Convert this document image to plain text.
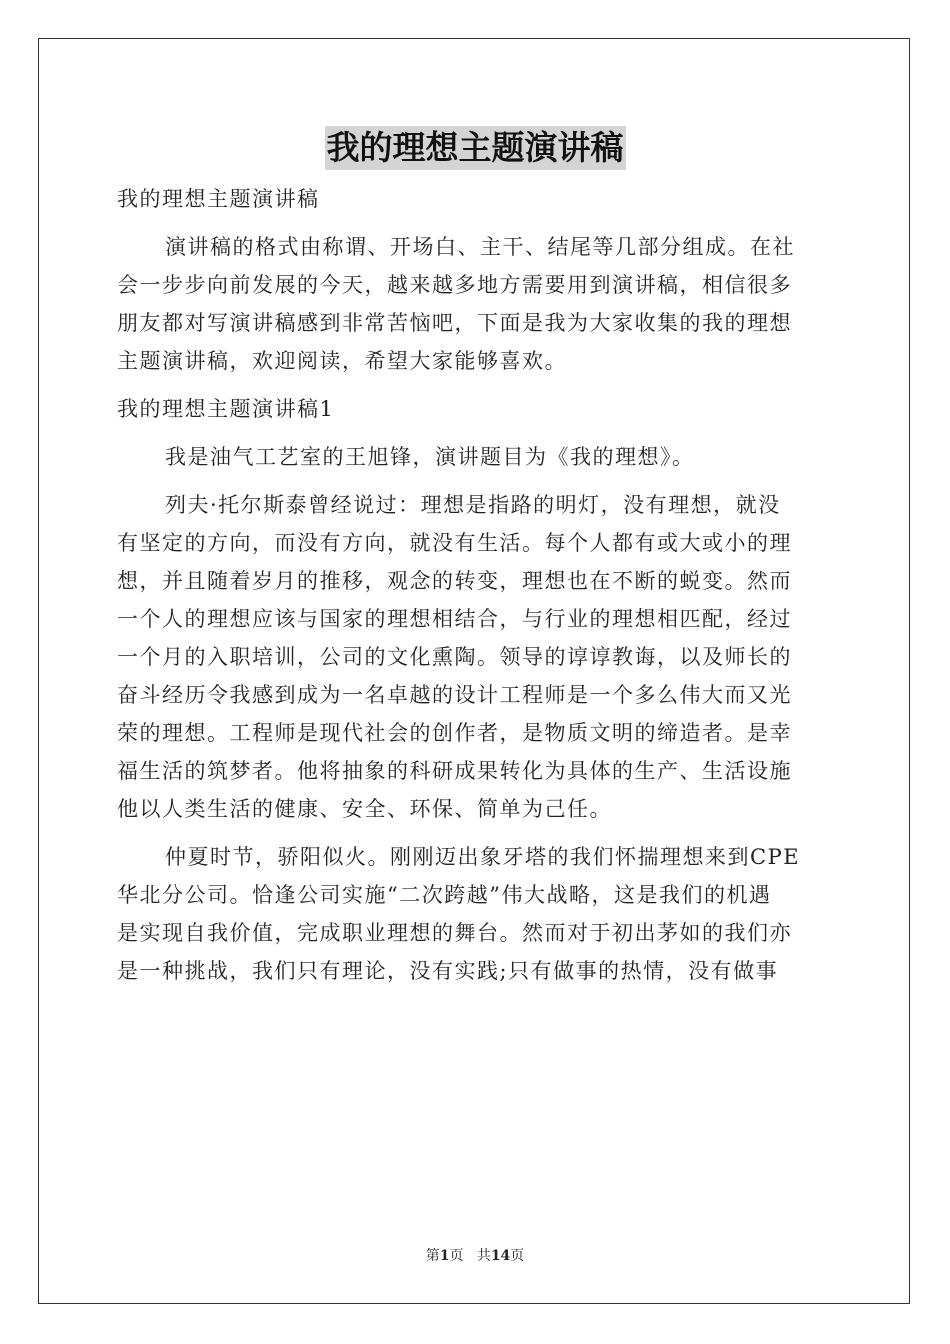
我的理想主题演讲稿
我的理想主题演讲稿
演讲稿的格式由称谓、开场白、主干、结尾等几部分组成。在社
会一步步向前发展的今天，越来越多地方需要用到演讲稿，相信很多
朋友都对写演讲稿感到非常苦恼吧，下面是我为大家收集的我的理想
主题演讲稿，欢迎阅读，希望大家能够喜欢。
我的理想主题演讲稿1
我是油气工艺室的王旭锋，演讲题目为《我的理想》。
列夫·托尔斯泰曾经说过：理想是指路的明灯，没有理想，就没
有坚定的方向，而没有方向，就没有生活。每个人都有或大或小的理
想，并且随着岁月的推移，观念的转变，理想也在不断的蜕变。然而
一个人的理想应该与国家的理想相结合，与行业的理想相匹配，经过
一个月的入职培训，公司的文化熏陶。领导的谆谆教诲，以及师长的
奋斗经历令我感到成为一名卓越的设计工程师是一个多么伟大而又光
荣的理想。工程师是现代社会的创作者，是物质文明的缔造者。是幸
福生活的筑梦者。他将抽象的科研成果转化为具体的生产、生活设施
他以人类生活的健康、安全、环保、简单为己任。
仲夏时节，骄阳似火。刚刚迈出象牙塔的我们怀揣理想来到CPE
华北分公司。恰逢公司实施“二次跨越”伟大战略，这是我们的机遇
是实现自我价值，完成职业理想的舞台。然而对于初出茅如的我们亦
是一种挑战，我们只有理论，没有实践;只有做事的热情，没有做事
第1页 共14页
